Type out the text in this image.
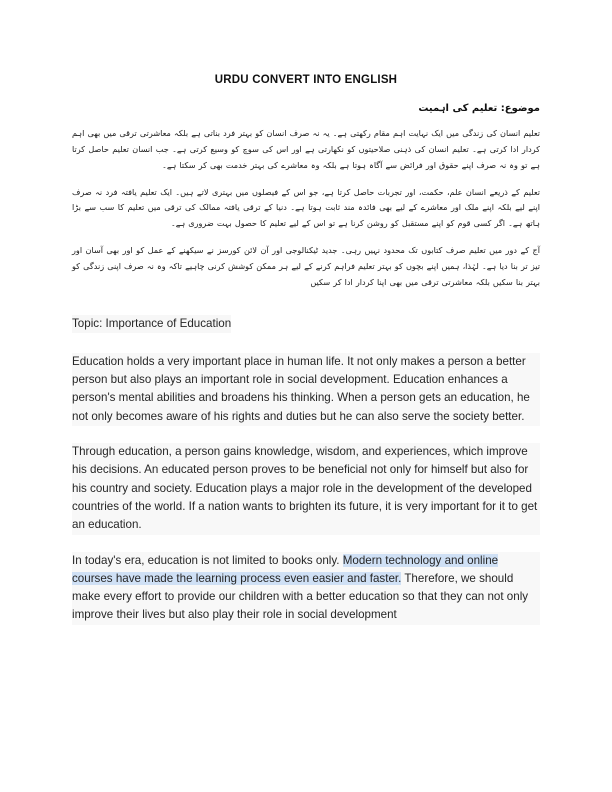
URDU CONVERT INTO ENGLISH
موضوع: تعلیم کی اہمیت

تعلیم انسان کی زندگی میں ایک نہایت اہم مقام رکھتی ہے۔ یہ نہ صرف انسان کو بہتر فرد بناتی ہے بلکہ معاشرتی ترقی میں بھی اہم کردار ادا کرتی ہے۔ تعلیم انسان کی ذہنی صلاحیتوں کو نکھارتی ہے اور اس کی سوچ کو وسیع کرتی ہے۔ جب انسان تعلیم حاصل کرتا ہے تو وہ نہ صرف اپنے حقوق اور فرائض سے آگاہ ہوتا ہے بلکہ وہ معاشرے کی بہتر خدمت بھی کر سکتا ہے۔

تعلیم کے ذریعے انسان علم، حکمت، اور تجربات حاصل کرتا ہے، جو اس کے فیصلوں میں بہتری لاتے ہیں۔ ایک تعلیم یافتہ فرد نہ صرف اپنے لیے بلکہ اپنے ملک اور معاشرے کے لیے بھی فائدہ مند ثابت ہوتا ہے۔ دنیا کے ترقی یافتہ ممالک کی ترقی میں تعلیم کا سب سے بڑا ہاتھ ہے۔ اگر کسی قوم کو اپنے مستقبل کو روشن کرنا ہے تو اس کے لیے تعلیم کا حصول بہت ضروری ہے۔

آج کے دور میں تعلیم صرف کتابوں تک محدود نہیں رہی۔ جدید ٹیکنالوجی اور آن لائن کورسز نے سیکھنے کے عمل کو اور بھی آسان اور تیز تر بنا دیا ہے۔ لہٰذا، ہمیں اپنے بچوں کو بہتر تعلیم فراہم کرنے کے لیے ہر ممکن کوشش کرنی چاہیے تاکہ وہ نہ صرف اپنی زندگی کو بہتر بنا سکیں بلکہ معاشرتی ترقی میں بھی اپنا کردار ادا کر سکیں

Topic: Importance of Education

Education holds a very important place in human life. It not only makes a person a better person but also plays an important role in social development. Education enhances a person's mental abilities and broadens his thinking. When a person gets an education, he not only becomes aware of his rights and duties but he can also serve the society better.

Through education, a person gains knowledge, wisdom, and experiences, which improve his decisions. An educated person proves to be beneficial not only for himself but also for his country and society. Education plays a major role in the development of the developed countries of the world. If a nation wants to brighten its future, it is very important for it to get an education.

In today's era, education is not limited to books only. Modern technology and online courses have made the learning process even easier and faster. Therefore, we should make every effort to provide our children with a better education so that they can not only improve their lives but also play their role in social development
